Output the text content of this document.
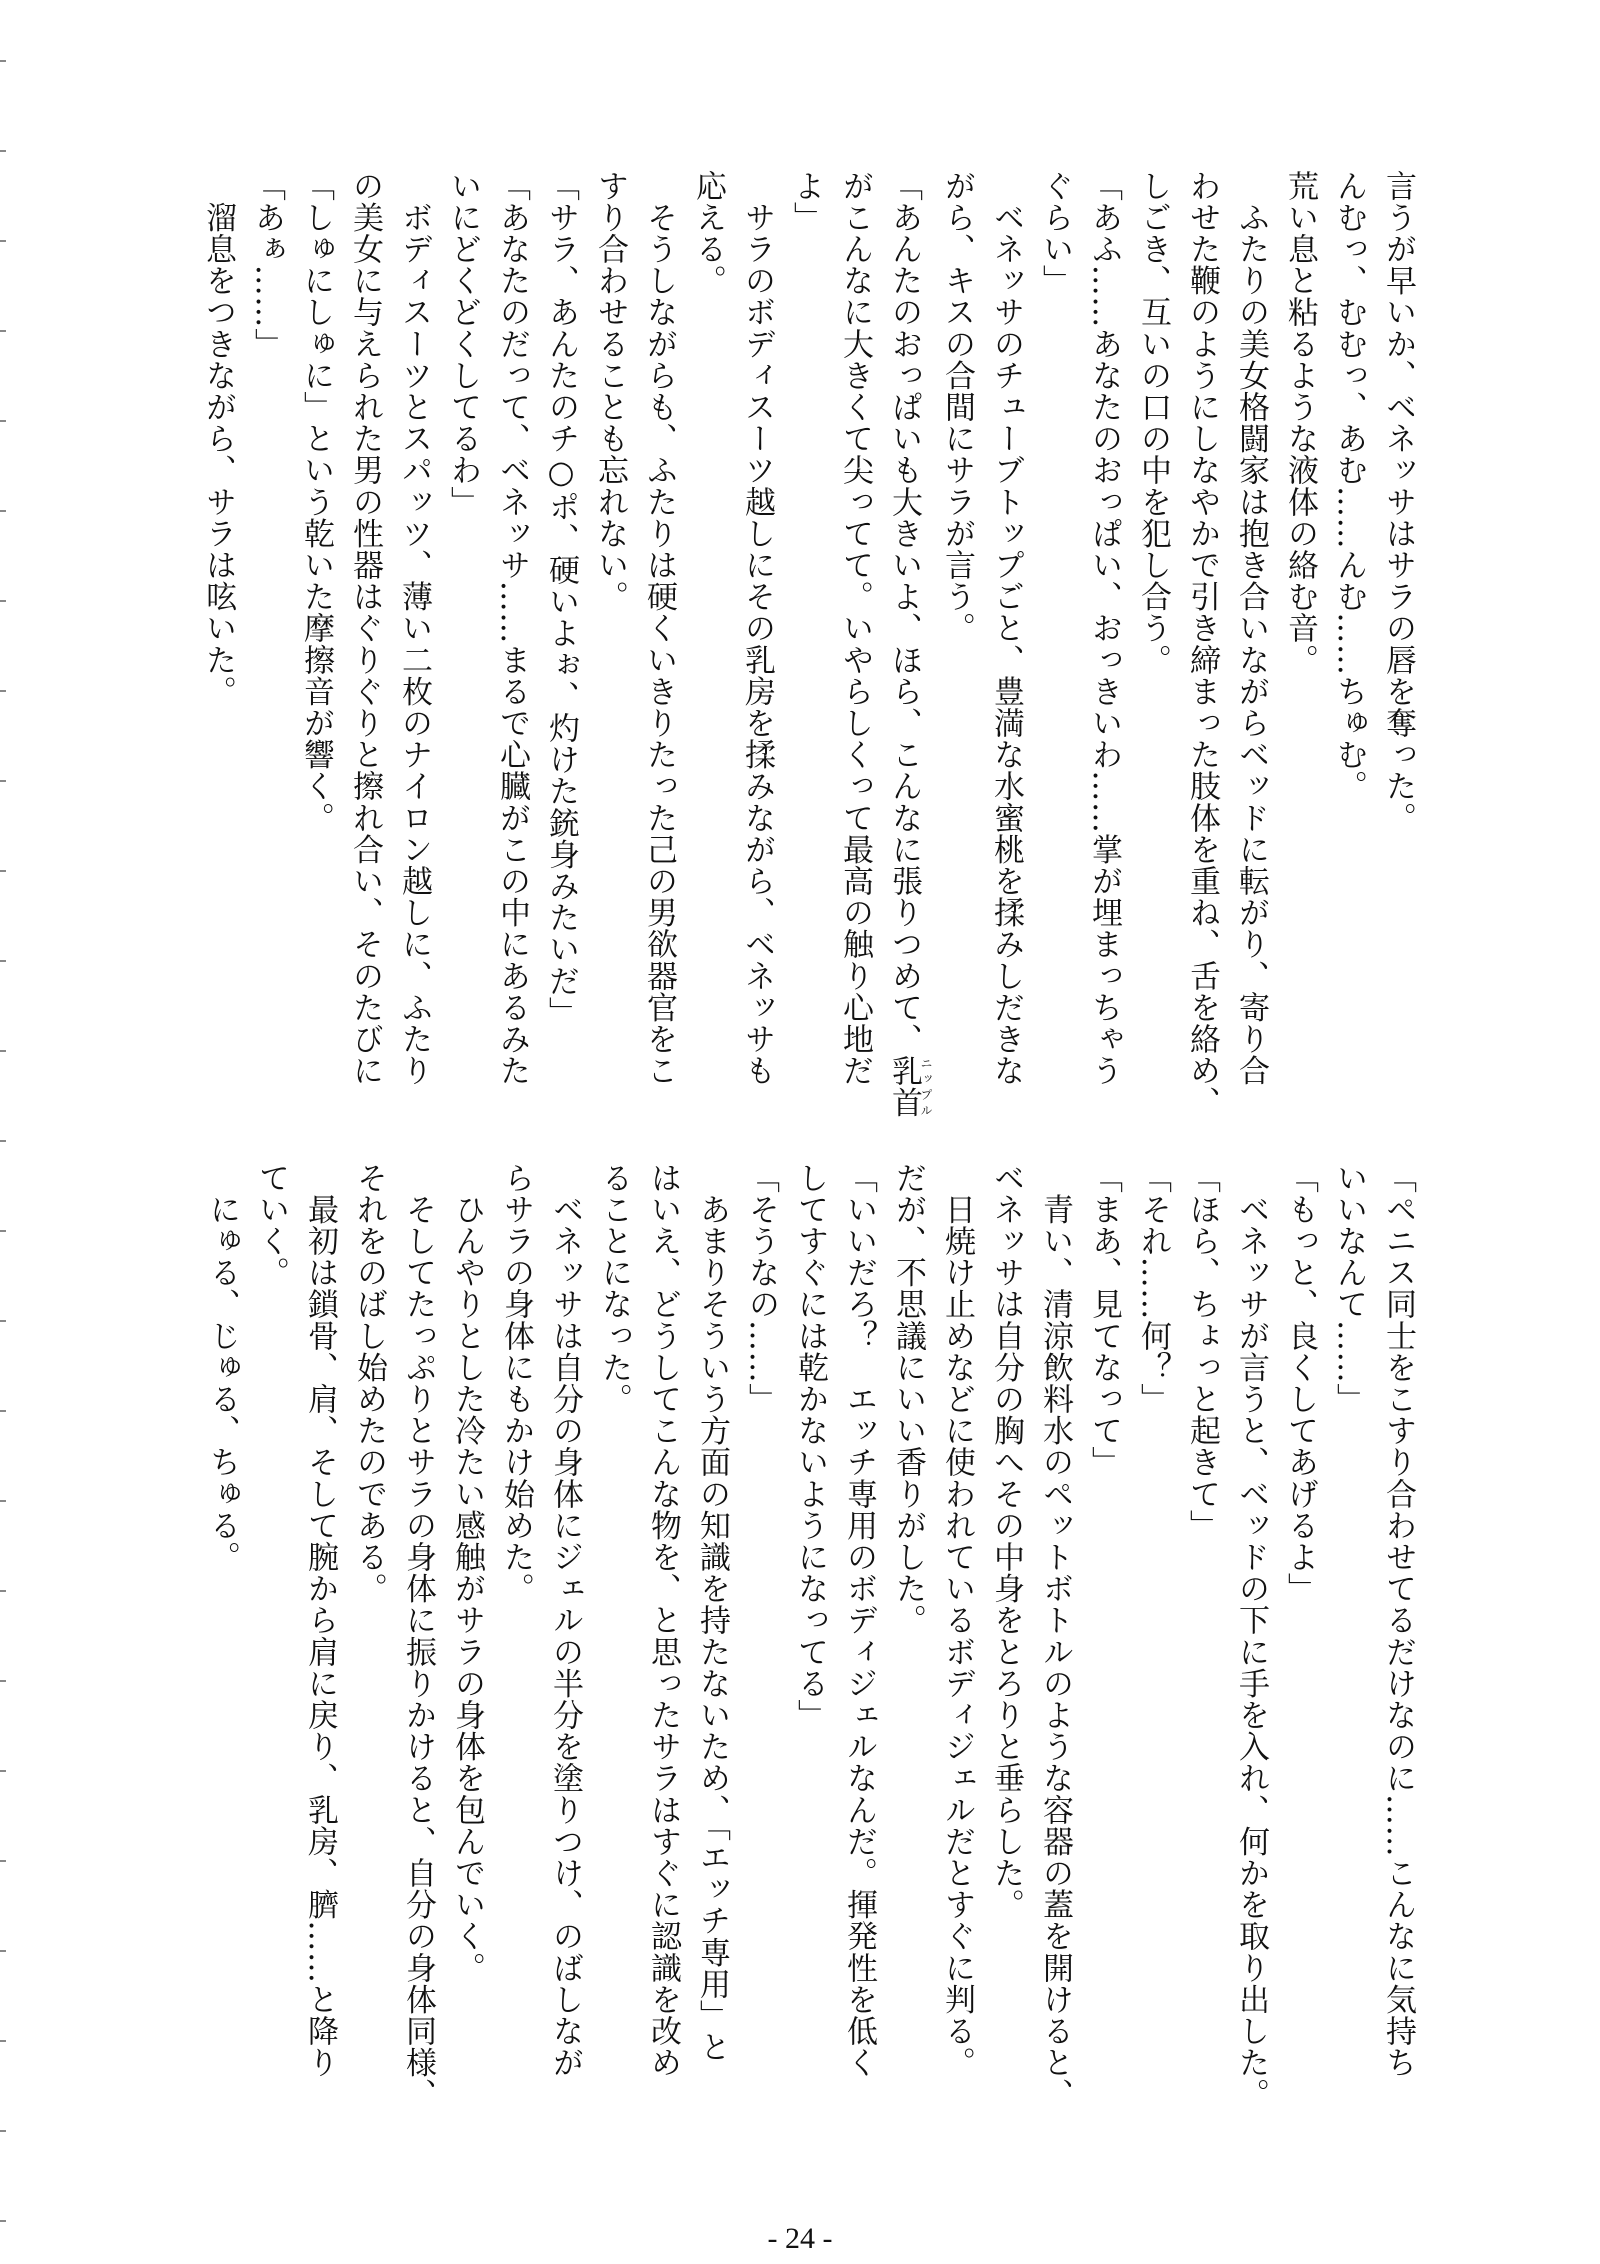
言うが早いか、ベネッサはサラの唇を奪った。
んむっ、むむっ、あむ……んむ……ちゅむ。
荒い息と粘るような液体の絡む音。
　ふたりの美女格闘家は抱き合いながらベッドに転がり、寄り合
わせた鞭のようにしなやかで引き締まった肢体を重ね、舌を絡め、
しごき、互いの口の中を犯し合う。
「あふ……あなたのおっぱい、おっきいわ……掌が埋まっちゃう
ぐらい」
　ベネッサのチューブトップごと、豊満な水蜜桃を揉みしだきな
がら、キスの合間にサラが言う。
「あんたのおっぱいも大きいよ、ほら、こんなに張りつめて、乳首ニップル
がこんなに大きくて尖ってて。いやらしくって最高の触り心地だ
よ」
　サラのボディスーツ越しにその乳房を揉みながら、ベネッサも
応える。
　そうしながらも、ふたりは硬くいきりたった己の男欲器官をこ
すり合わせることも忘れない。
「サラ、あんたのチ○ポ、硬いよぉ、灼けた銃身みたいだ」
「あなたのだって、ベネッサ……まるで心臓がこの中にあるみた
いにどくどくしてるわ」
　ボディスーツとスパッツ、薄い二枚のナイロン越しに、ふたり
の美女に与えられた男の性器はぐりぐりと擦れ合い、そのたびに
「しゅにしゅに」という乾いた摩擦音が響く。
「あぁ……」
　溜息をつきながら、サラは呟いた。
「ペニス同士をこすり合わせてるだけなのに……こんなに気持ち
いいなんて……」
「もっと、良くしてあげるよ」
　ベネッサが言うと、ベッドの下に手を入れ、何かを取り出した。
「ほら、ちょっと起きて」
「それ……何？」
「まあ、見てなって」
　青い、清涼飲料水のペットボトルのような容器の蓋を開けると、
ベネッサは自分の胸へその中身をとろりと垂らした。
　日焼け止めなどに使われているボディジェルだとすぐに判る。
だが、不思議にいい香りがした。
「いいだろ？　エッチ専用のボディジェルなんだ。揮発性を低く
してすぐには乾かないようになってる」
「そうなの……」
　あまりそういう方面の知識を持たないため、「エッチ専用」と
はいえ、どうしてこんな物を、と思ったサラはすぐに認識を改め
ることになった。
　ベネッサは自分の身体にジェルの半分を塗りつけ、のばしなが
らサラの身体にもかけ始めた。
　ひんやりとした冷たい感触がサラの身体を包んでいく。
　そしてたっぷりとサラの身体に振りかけると、自分の身体同様、
それをのばし始めたのである。
　最初は鎖骨、肩、そして腕から肩に戻り、乳房、臍……と降り
ていく。
　にゅる、じゅる、ちゅる。
- 24 -
